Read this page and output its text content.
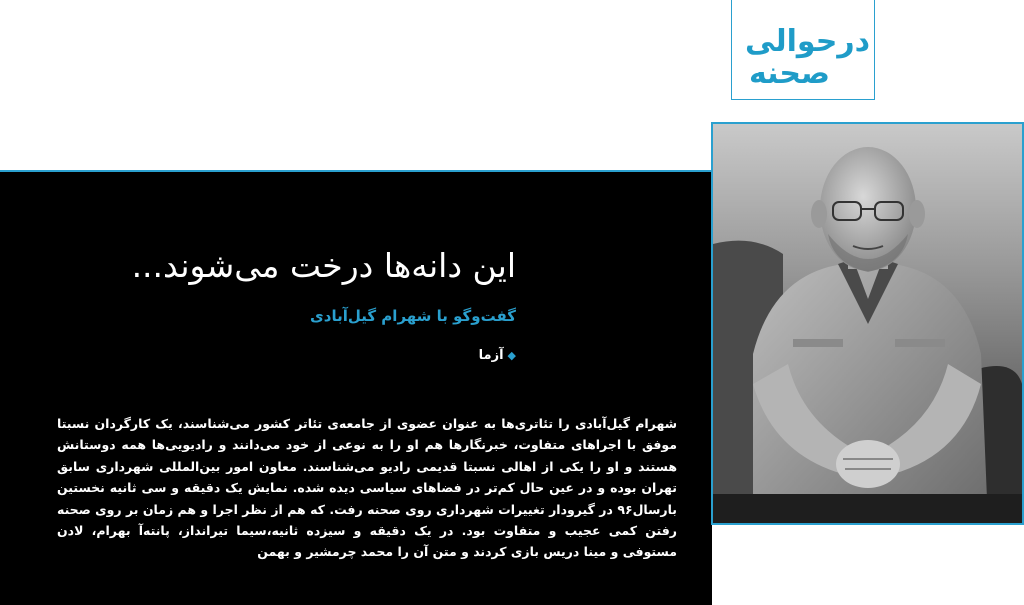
درحوالی
صحنه
این دانه‌ها درخت می‌شوند...
گفت‌وگو با شهرام گیل‌آبادی
◆آزما
شهرام گیل‌آبادی را تئاتری‌ها به عنوان عضوی از جامعه‌ی تئاتر کشور می‌شناسند، یک کارگردان نسبتا موفق با اجراهای متفاوت، خبرنگارها هم او را به نوعی از خود می‌دانند و رادیویی‌ها همه دوستانش هستند و او را یکی از اهالی نسبتا قدیمی رادیو می‌شناسند. معاون امور بین‌المللی شهرداری سابق تهران بوده و در عین حال کم‌تر در فضاهای سیاسی دیده شده. نمایش یک دقیقه و سی ثانیه نخستین بارسال۹۶ در گیرودار تغییرات شهرداری روی صحنه رفت. که هم از نظر اجرا و هم زمان بر روی صحنه رفتن کمی عجیب و متفاوت بود. در یک دقیقه و سیزده ثانیه،سیما تیرانداز، پانته‌آ بهرام، لادن مستوفی و مینا دریس بازی کردند و متن آن را محمد چرمشیر و بهمن
